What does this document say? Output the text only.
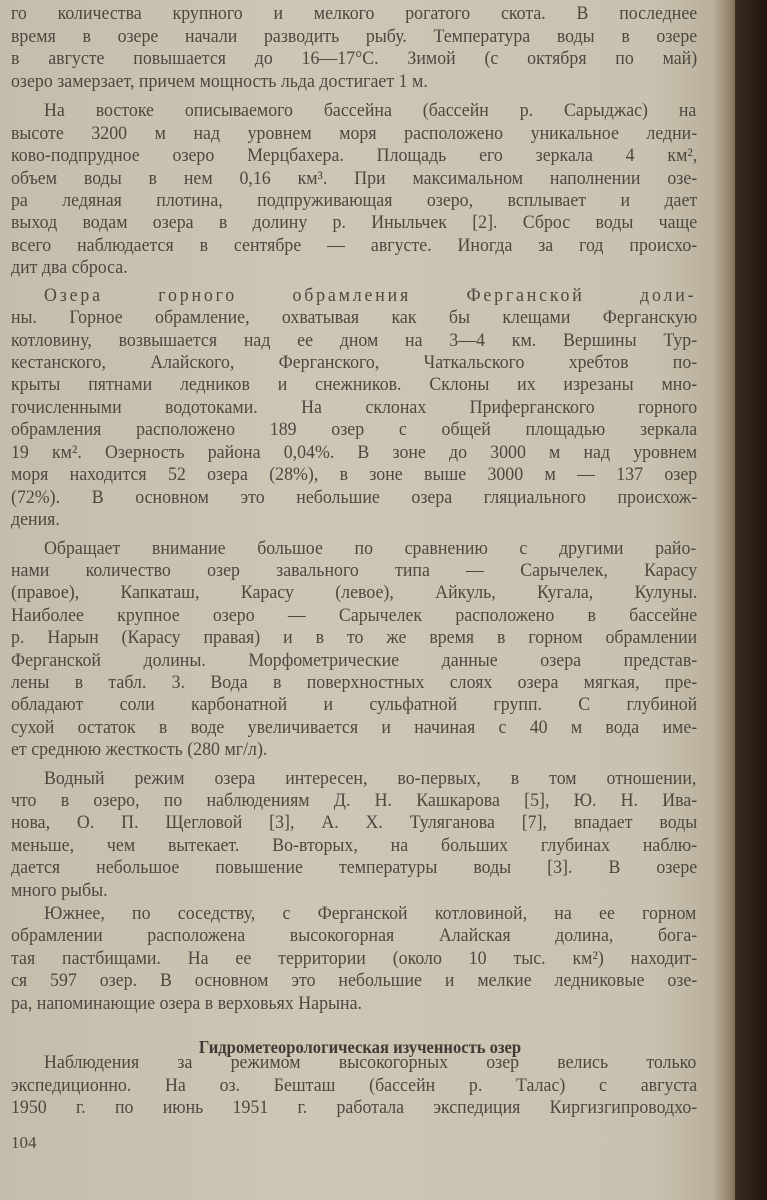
Гидрометеорологическая изученность озер
104
го количества крупного и мелкого рогатого скота. В последнее
время в озере начали разводить рыбу. Температура воды в озере
в августе повышается до 16—17°С. Зимой (с октября по май)
озеро замерзает, причем мощность льда достигает 1 м.
На востоке описываемого бассейна (бассейн р. Сарыджас) на
высоте 3200 м над уровнем моря расположено уникальное ледни-
ково-подпрудное озеро Мерцбахера. Площадь его зеркала 4 км²,
объем воды в нем 0,16 км³. При максимальном наполнении озе-
ра ледяная плотина, подпруживающая озеро, всплывает и дает
выход водам озера в долину р. Иныльчек [2]. Сброс воды чаще
всего наблюдается в сентябре — августе. Иногда за год происхо-
дит два сброса.
Озера горного обрамления Ферганской доли-
ны. Горное обрамление, охватывая как бы клещами Ферганскую
котловину, возвышается над ее дном на 3—4 км. Вершины Тур-
кестанского, Алайского, Ферганского, Чаткальского хребтов по-
крыты пятнами ледников и снежников. Склоны их изрезаны мно-
гочисленными водотоками. На склонах Приферганского горного
обрамления расположено 189 озер с общей площадью зеркала
19 км². Озерность района 0,04%. В зоне до 3000 м над уровнем
моря находится 52 озера (28%), в зоне выше 3000 м — 137 озер
(72%). В основном это небольшие озера гляциального происхож-
дения.
Обращает внимание большое по сравнению с другими райо-
нами количество озер завального типа — Сарычелек, Карасу
(правое), Капкаташ, Карасу (левое), Айкуль, Кугала, Кулуны.
Наиболее крупное озеро — Сарычелек расположено в бассейне
р. Нарын (Карасу правая) и в то же время в горном обрамлении
Ферганской долины. Морфометрические данные озера представ-
лены в табл. 3. Вода в поверхностных слоях озера мягкая, пре-
обладают соли карбонатной и сульфатной групп. С глубиной
сухой остаток в воде увеличивается и начиная с 40 м вода име-
ет среднюю жесткость (280 мг/л).
Водный режим озера интересен, во-первых, в том отношении,
что в озеро, по наблюдениям Д. Н. Кашкарова [5], Ю. Н. Ива-
нова, О. П. Щегловой [3], А. Х. Туляганова [7], впадает воды
меньше, чем вытекает. Во-вторых, на больших глубинах наблю-
дается небольшое повышение температуры воды [3]. В озере
много рыбы.
Южнее, по соседству, с Ферганской котловиной, на ее горном
обрамлении расположена высокогорная Алайская долина, бога-
тая пастбищами. На ее территории (около 10 тыс. км²) находит-
ся 597 озер. В основном это небольшие и мелкие ледниковые озе-
ра, напоминающие озера в верховьях Нарына.
Наблюдения за режимом высокогорных озер велись только
экспедиционно. На оз. Бешташ (бассейн р. Талас) с августа
1950 г. по июнь 1951 г. работала экспедиция Киргизгипроводхо-
